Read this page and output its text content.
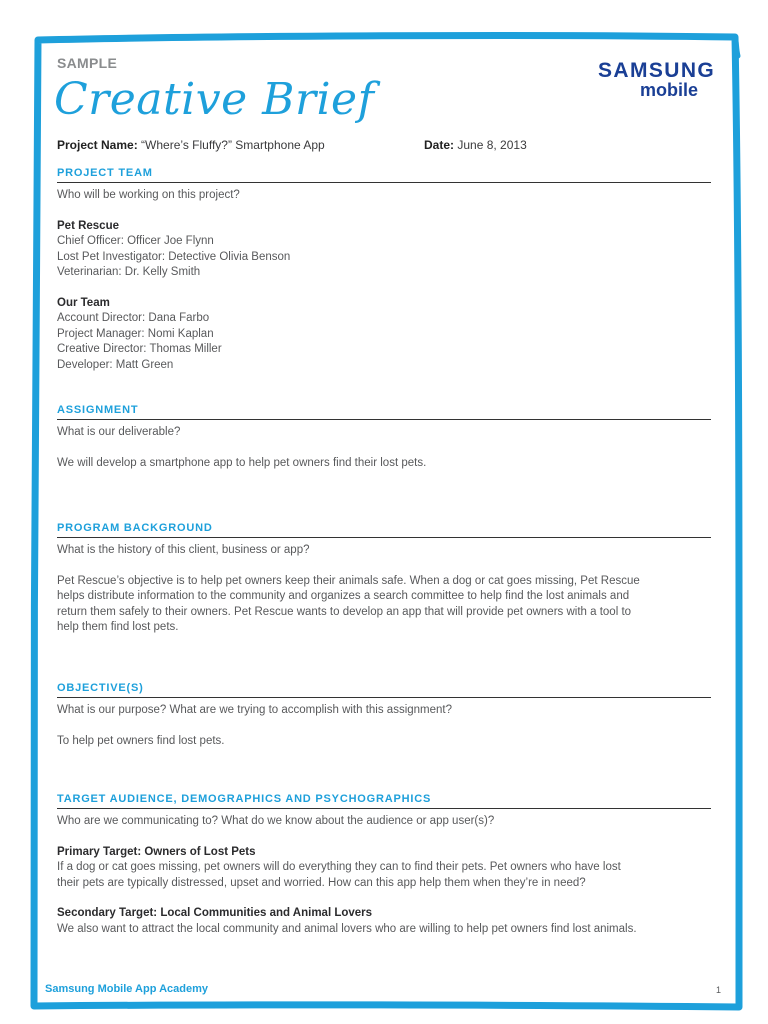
SAMPLE
Creative Brief
SAMSUNG
mobile
Project Name: “Where’s Fluffy?” Smartphone App	Date: June 8, 2013
PROJECT TEAM

Who will be working on this project?

Pet Rescue

Chief Officer: Officer Joe Flynn

Lost Pet Investigator: Detective Olivia Benson

Veterinarian: Dr. Kelly Smith

Our Team

Account Director: Dana Farbo

Project Manager: Nomi Kaplan

Creative Director: Thomas Miller

Developer: Matt Green

ASSIGNMENT

What is our deliverable?

We will develop a smartphone app to help pet owners find their lost pets.

PROGRAM BACKGROUND

What is the history of this client, business or app?

Pet Rescue’s objective is to help pet owners keep their animals safe. When a dog or cat goes missing, Pet Rescue

helps distribute information to the community and organizes a search committee to help find the lost animals and

return them safely to their owners. Pet Rescue wants to develop an app that will provide pet owners with a tool to

help them find lost pets.

OBJECTIVE(S)

What is our purpose? What are we trying to accomplish with this assignment?

To help pet owners find lost pets.

TARGET AUDIENCE, DEMOGRAPHICS AND PSYCHOGRAPHICS

Who are we communicating to? What do we know about the audience or app user(s)?

Primary Target: Owners of Lost Pets

If a dog or cat goes missing, pet owners will do everything they can to find their pets. Pet owners who have lost

their pets are typically distressed, upset and worried. How can this app help them when they’re in need?

Secondary Target: Local Communities and Animal Lovers

We also want to attract the local community and animal lovers who are willing to help pet owners find lost animals.

Samsung Mobile App Academy	1
